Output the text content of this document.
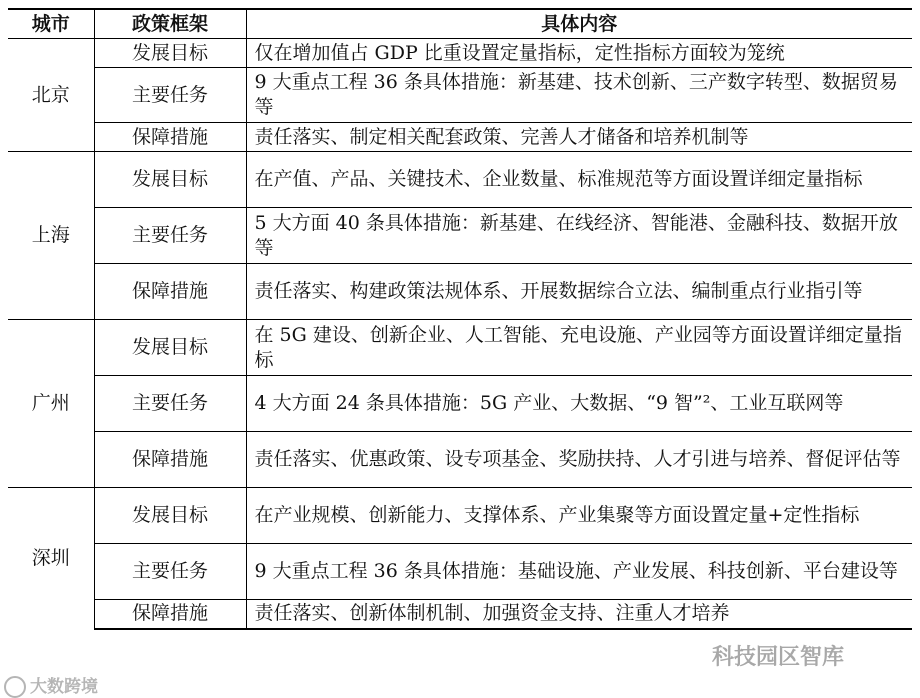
城市	政策框架	具体内容
北京	发展目标	仅在增加值占 GDP 比重设置定量指标，定性指标方面较为笼统
	主要任务	9 大重点工程 36 条具体措施：新基建、技术创新、三产数字转型、数据贸易等
	保障措施	责任落实、制定相关配套政策、完善人才储备和培养机制等
上海	发展目标	在产值、产品、关键技术、企业数量、标准规范等方面设置详细定量指标
	主要任务	5 大方面 40 条具体措施：新基建、在线经济、智能港、金融科技、数据开放等
	保障措施	责任落实、构建政策法规体系、开展数据综合立法、编制重点行业指引等
广州	发展目标	在 5G 建设、创新企业、人工智能、充电设施、产业园等方面设置详细定量指标
	主要任务	4 大方面 24 条具体措施：5G 产业、大数据、“9 智”²、工业互联网等
	保障措施	责任落实、优惠政策、设专项基金、奖励扶持、人才引进与培养、督促评估等
深圳	发展目标	在产业规模、创新能力、支撑体系、产业集聚等方面设置定量+定性指标
	主要任务	9 大重点工程 36 条具体措施：基础设施、产业发展、科技创新、平台建设等
	保障措施	责任落实、创新体制机制、加强资金支持、注重人才培养
大数跨境
科技园区智库
